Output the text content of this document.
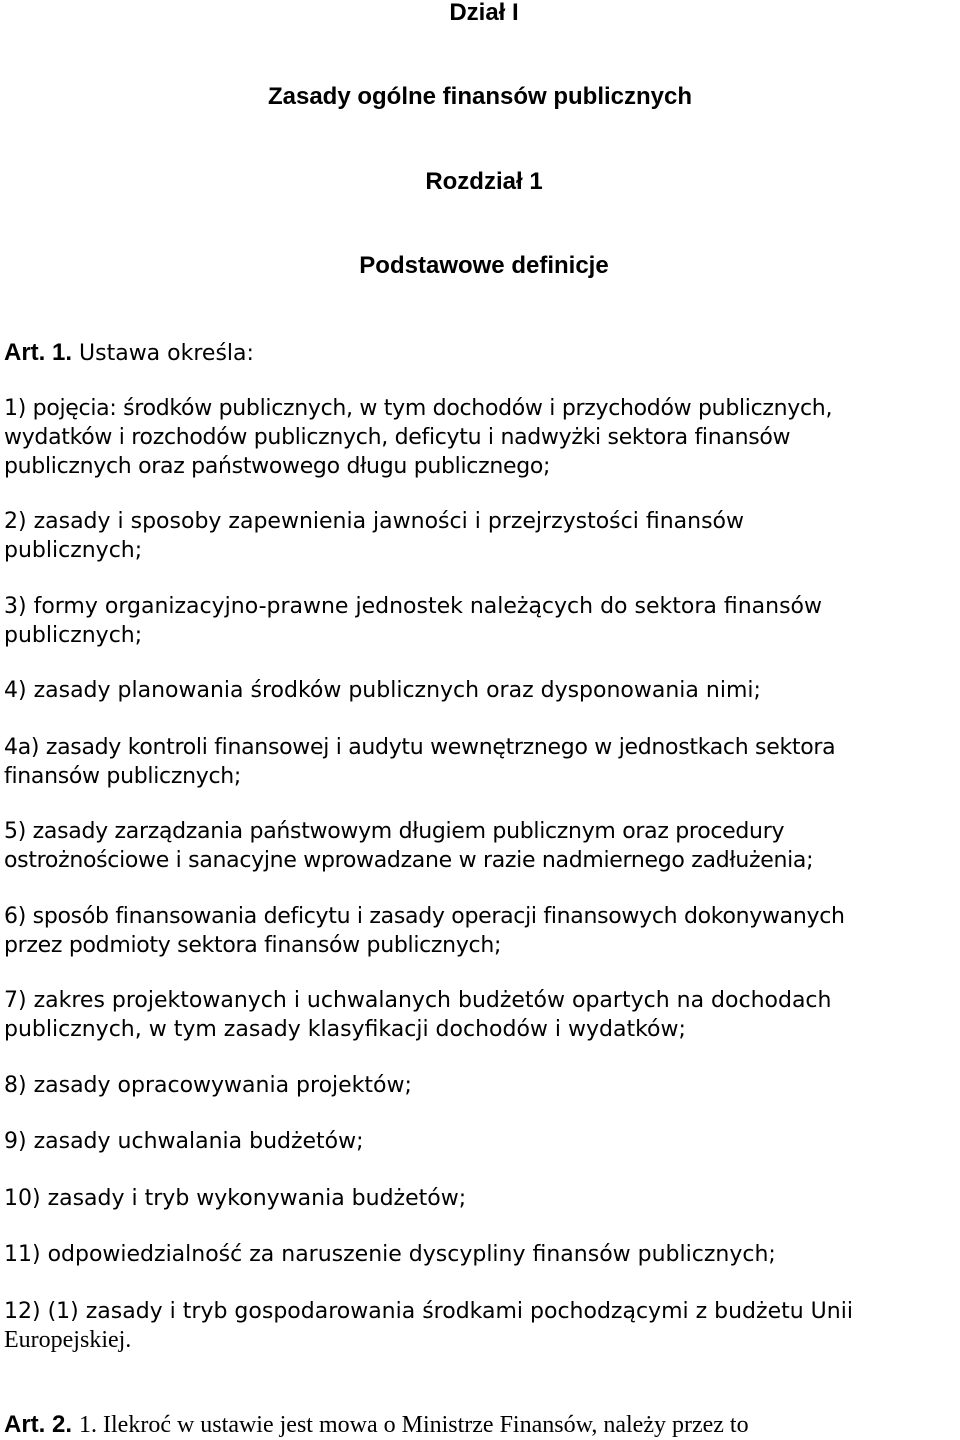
Dział I
Zasady ogólne finansów publicznych
Rozdział 1
Podstawowe definicje

Art. 1. Ustawa określa:

1) pojęcia: środków publicznych, w tym dochodów i przychodów publicznych,
wydatków i rozchodów publicznych, deficytu i nadwyżki sektora finansów
publicznych oraz państwowego długu publicznego;

2) zasady i sposoby zapewnienia jawności i przejrzystości finansów
publicznych;

3) formy organizacyjno-prawne jednostek należących do sektora finansów
publicznych;

4) zasady planowania środków publicznych oraz dysponowania nimi;

4a) zasady kontroli finansowej i audytu wewnętrznego w jednostkach sektora
finansów publicznych;

5) zasady zarządzania państwowym długiem publicznym oraz procedury
ostrożnościowe i sanacyjne wprowadzane w razie nadmiernego zadłużenia;

6) sposób finansowania deficytu i zasady operacji finansowych dokonywanych
przez podmioty sektora finansów publicznych;

7) zakres projektowanych i uchwalanych budżetów opartych na dochodach
publicznych, w tym zasady klasyfikacji dochodów i wydatków;

8) zasady opracowywania projektów;

9) zasady uchwalania budżetów;

10) zasady i tryb wykonywania budżetów;

11) odpowiedzialność za naruszenie dyscypliny finansów publicznych;

12) (1) zasady i tryb gospodarowania środkami pochodzącymi z budżetu Unii
Europejskiej.

Art. 2. 1. Ilekroć w ustawie jest mowa o Ministrze Finansów, należy przez to
